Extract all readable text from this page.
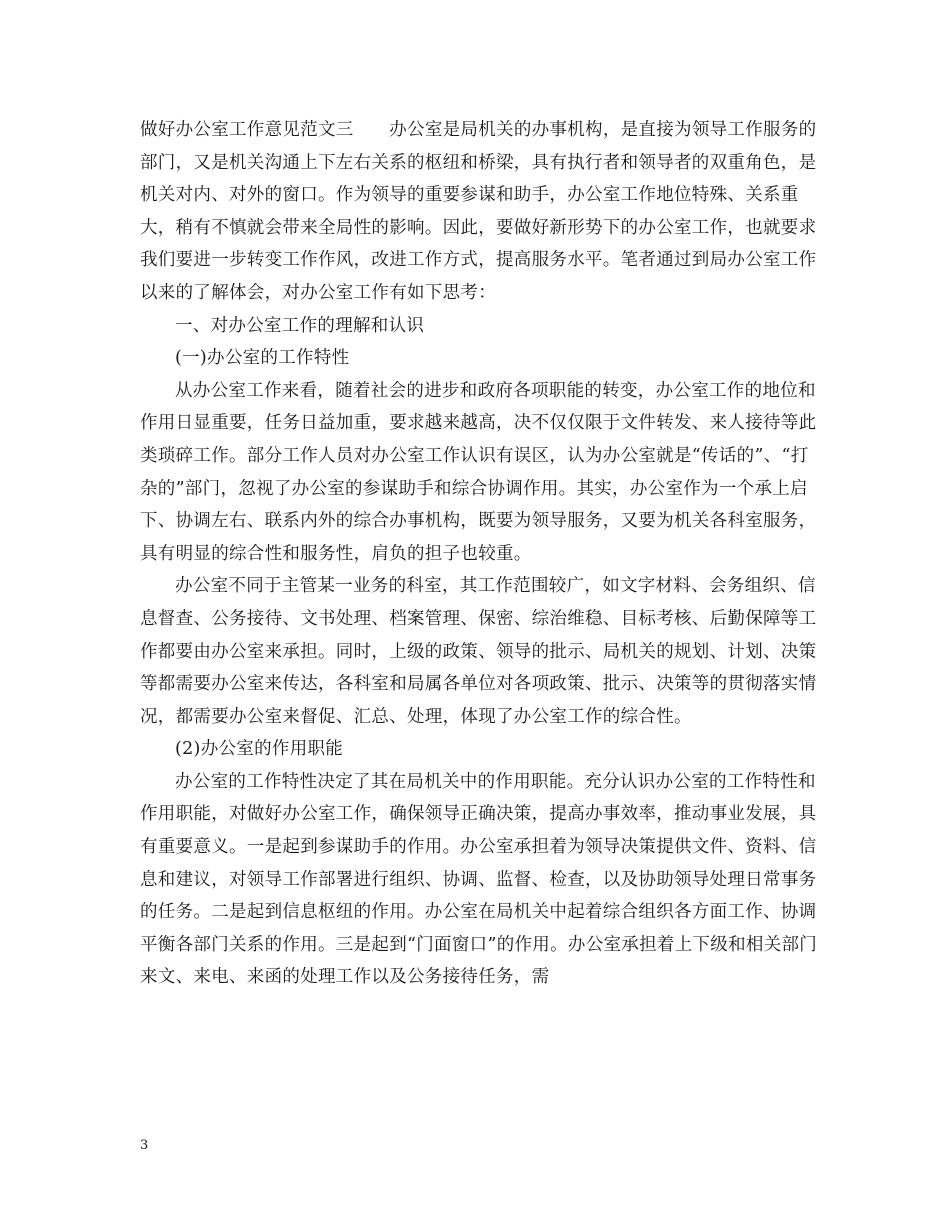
做好办公室工作意见范文三　　 办公室是局机关的办事机构，是直接为领导工作服务的部门，又是机关沟通上下左右关系的枢纽和桥梁，具有执行者和领导者的双重角色，是机关对内、对外的窗口。作为领导的重要参谋和助手，办公室工作地位特殊、关系重大，稍有不慎就会带来全局性的影响。因此，要做好新形势下的办公室工作，也就要求我们要进一步转变工作作风，改进工作方式，提高服务水平。笔者通过到局办公室工作以来的了解体会，对办公室工作有如下思考：

一、对办公室工作的理解和认识

(一)办公室的工作特性

从办公室工作来看，随着社会的进步和政府各项职能的转变，办公室工作的地位和作用日显重要，任务日益加重，要求越来越高，决不仅仅限于文件转发、来人接待等此类琐碎工作。部分工作人员对办公室工作认识有误区，认为办公室就是“传话的”、“打杂的”部门，忽视了办公室的参谋助手和综合协调作用。其实，办公室作为一个承上启下、协调左右、联系内外的综合办事机构，既要为领导服务，又要为机关各科室服务，具有明显的综合性和服务性，肩负的担子也较重。

办公室不同于主管某一业务的科室，其工作范围较广，如文字材料、会务组织、信息督查、公务接待、文书处理、档案管理、保密、综治维稳、目标考核、后勤保障等工作都要由办公室来承担。同时，上级的政策、领导的批示、局机关的规划、计划、决策等都需要办公室来传达，各科室和局属各单位对各项政策、批示、决策等的贯彻落实情况，都需要办公室来督促、汇总、处理，体现了办公室工作的综合性。

(2)办公室的作用职能

办公室的工作特性决定了其在局机关中的作用职能。充分认识办公室的工作特性和作用职能，对做好办公室工作，确保领导正确决策，提高办事效率，推动事业发展，具有重要意义。一是起到参谋助手的作用。办公室承担着为领导决策提供文件、资料、信息和建议，对领导工作部署进行组织、协调、监督、检查，以及协助领导处理日常事务的任务。二是起到信息枢纽的作用。办公室在局机关中起着综合组织各方面工作、协调平衡各部门关系的作用。三是起到“门面窗口”的作用。办公室承担着上下级和相关部门来文、来电、来函的处理工作以及公务接待任务，需

3
